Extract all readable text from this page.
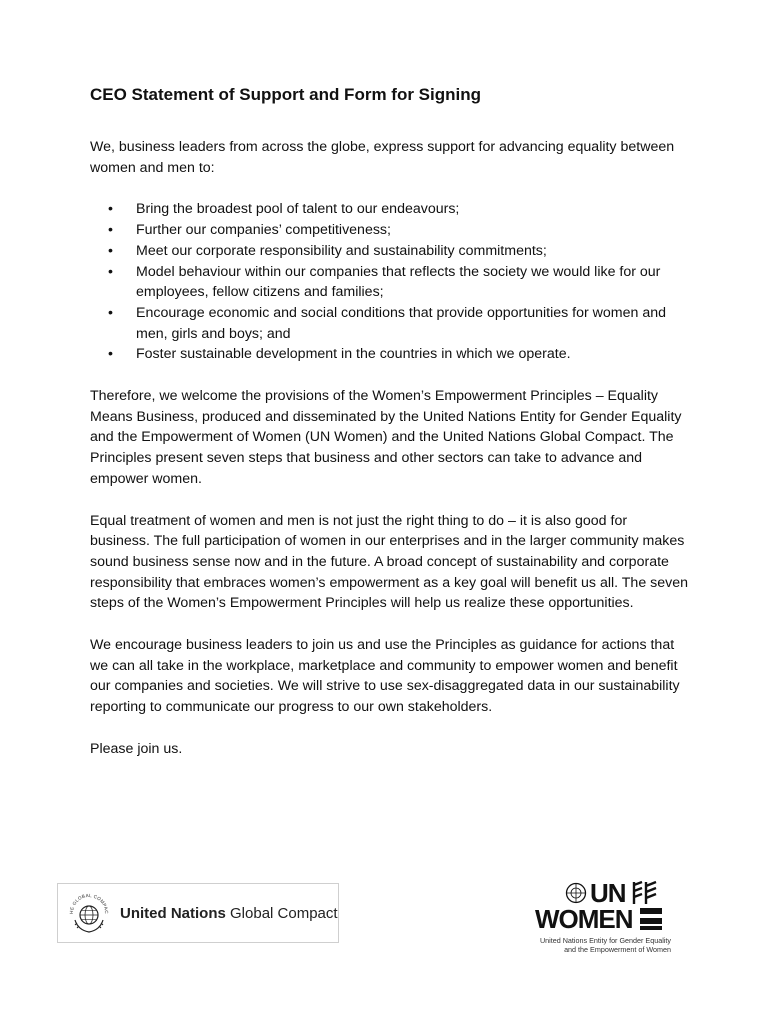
CEO Statement of Support and Form for Signing

We, business leaders from across the globe, express support for advancing equality between women and men to:

• Bring the broadest pool of talent to our endeavours;
• Further our companies’ competitiveness;
• Meet our corporate responsibility and sustainability commitments;
• Model behaviour within our companies that reflects the society we would like for our employees, fellow citizens and families;
• Encourage economic and social conditions that provide opportunities for women and men, girls and boys; and
• Foster sustainable development in the countries in which we operate.

Therefore, we welcome the provisions of the Women’s Empowerment Principles – Equality Means Business, produced and disseminated by the United Nations Entity for Gender Equality and the Empowerment of Women (UN Women) and the United Nations Global Compact. The Principles present seven steps that business and other sectors can take to advance and empower women.

Equal treatment of women and men is not just the right thing to do – it is also good for business. The full participation of women in our enterprises and in the larger community makes sound business sense now and in the future. A broad concept of sustainability and corporate responsibility that embraces women’s empowerment as a key goal will benefit us all. The seven steps of the Women’s Empowerment Principles will help us realize these opportunities.

We encourage business leaders to join us and use the Principles as guidance for actions that we can all take in the workplace, marketplace and community to empower women and benefit our companies and societies. We will strive to use sex-disaggregated data in our sustainability reporting to communicate our progress to our own stakeholders.

Please join us.

HE GLOBAL COMPAC United Nations Global Compact
UN
WOMEN
United Nations Entity for Gender Equality
and the Empowerment of Women
